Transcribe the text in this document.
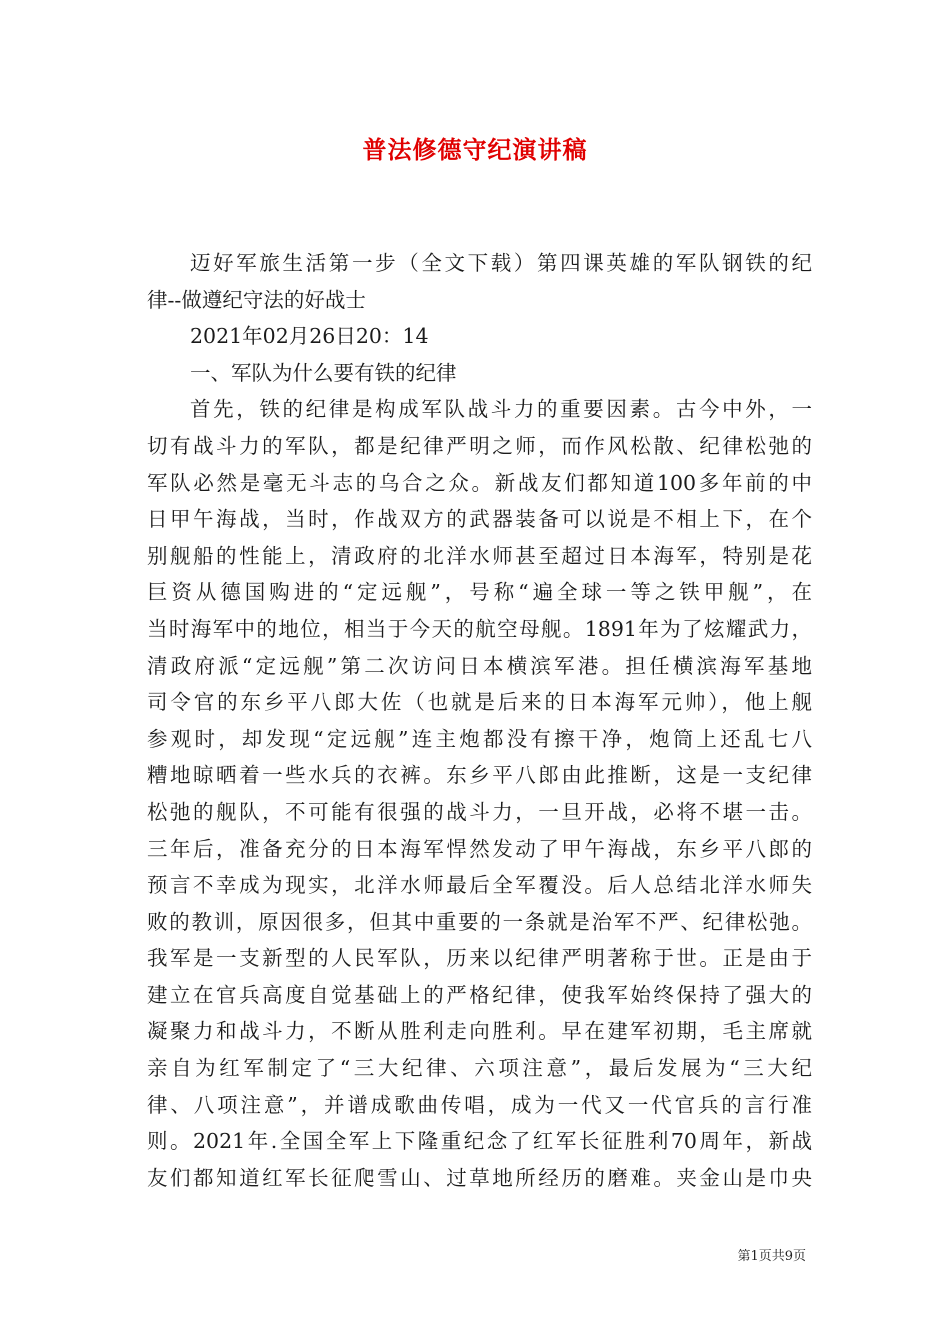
普法修德守纪演讲稿
迈好军旅生活第一步（全文下载）第四课英雄的军队钢铁的纪
律--做遵纪守法的好战士
2021年02月26日20：14
一、军队为什么要有铁的纪律
首先，铁的纪律是构成军队战斗力的重要因素。古今中外，一
切有战斗力的军队，都是纪律严明之师，而作风松散、纪律松弛的
军队必然是毫无斗志的乌合之众。新战友们都知道100多年前的中
日甲午海战，当时，作战双方的武器装备可以说是不相上下，在个
别舰船的性能上，清政府的北洋水师甚至超过日本海军，特别是花
巨资从德国购进的“定远舰”，号称“遍全球一等之铁甲舰”，在
当时海军中的地位，相当于今天的航空母舰。1891年为了炫耀武力，
清政府派“定远舰”第二次访问日本横滨军港。担任横滨海军基地
司令官的东乡平八郎大佐（也就是后来的日本海军元帅），他上舰
参观时，却发现“定远舰”连主炮都没有擦干净，炮筒上还乱七八
糟地晾晒着一些水兵的衣裤。东乡平八郎由此推断，这是一支纪律
松弛的舰队，不可能有很强的战斗力，一旦开战，必将不堪一击。
三年后，准备充分的日本海军悍然发动了甲午海战，东乡平八郎的
预言不幸成为现实，北洋水师最后全军覆没。后人总结北洋水师失
败的教训，原因很多，但其中重要的一条就是治军不严、纪律松弛。
我军是一支新型的人民军队，历来以纪律严明著称于世。正是由于
建立在官兵高度自觉基础上的严格纪律，使我军始终保持了强大的
凝聚力和战斗力，不断从胜利走向胜利。早在建军初期，毛主席就
亲自为红军制定了“三大纪律、六项注意”，最后发展为“三大纪
律、八项注意”，并谱成歌曲传唱，成为一代又一代官兵的言行准
则。2021年.全国全军上下隆重纪念了红军长征胜利70周年，新战
友们都知道红军长征爬雪山、过草地所经历的磨难。夹金山是巾央
第1页共9页
